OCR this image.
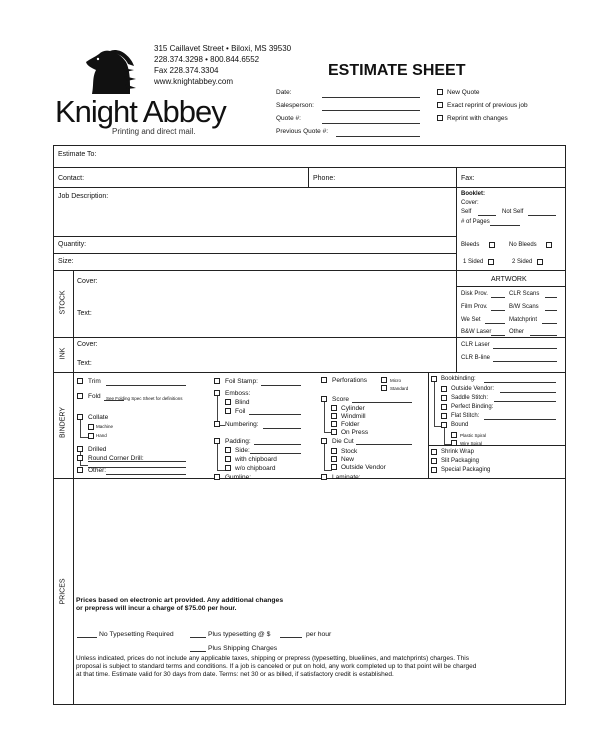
Knight Abbey
Printing and direct mail.
315 Caillavet Street • Biloxi, MS 39530
228.374.3298 • 800.844.6552
Fax 228.374.3304
www.knightabbey.com
ESTIMATE SHEET
Date:
Salesperson:
Quote #:
Previous Quote #:
New Quote
Exact reprint of previous job
Reprint with changes
Estimate To:
Contact:	Phone:	Fax:
Job Description:
Quantity:
Size:
Booklet:
Cover:
Self	Not Self
# of Pages
Bleeds	No Bleeds
1 Sided	2 Sided
STOCK
Cover:
Text:
INK
Cover:
Text:
ARTWORK
Disk Prov.	CLR Scans
Film Prov.	B/W Scans
We Set	Matchprint
B&W Laser	Other
CLR Laser
CLR B-line
BINDERY
Trim
Fold See Folding Spec Sheet for definitions
Collate
Machine
Hand
Drilled
Round Corner Drill:
Other:
Foil Stamp:
Emboss:
Blind
Foil
Numbering:
Padding:
Side:
with chipboard
w/o chipboard
Gumline:
Perforations	Micro
Standard
Score
Cylinder
Windmill
Folder
On Press
Die Cut
Stock
New
Outside Vendor
Laminate:
Bookbinding:
Outside Vendor:
Saddle Stitch:
Perfect Binding:
Flat Stitch:
Bound
Plastic Spiral
Wire Spiral
Shrink Wrap
Slit Packaging
Special Packaging
PRICES Prices based on electronic art provided. Any additional changes
or prepress will incur a charge of $75.00 per hour.
No Typesetting Required	Plus typesetting @ $	per hour
Plus Shipping Charges
Unless indicated, prices do not include any applicable taxes, shipping or prepress (typesetting, blueliines, and matchprints) charges. This
proposal is subject to standard terms and conditions. If a job is canceled or put on hold, any work completed up to that point will be charged
at that time. Estimate valid for 30 days from date. Terms: net 30 or as billed, if satisfactory credit is established.
